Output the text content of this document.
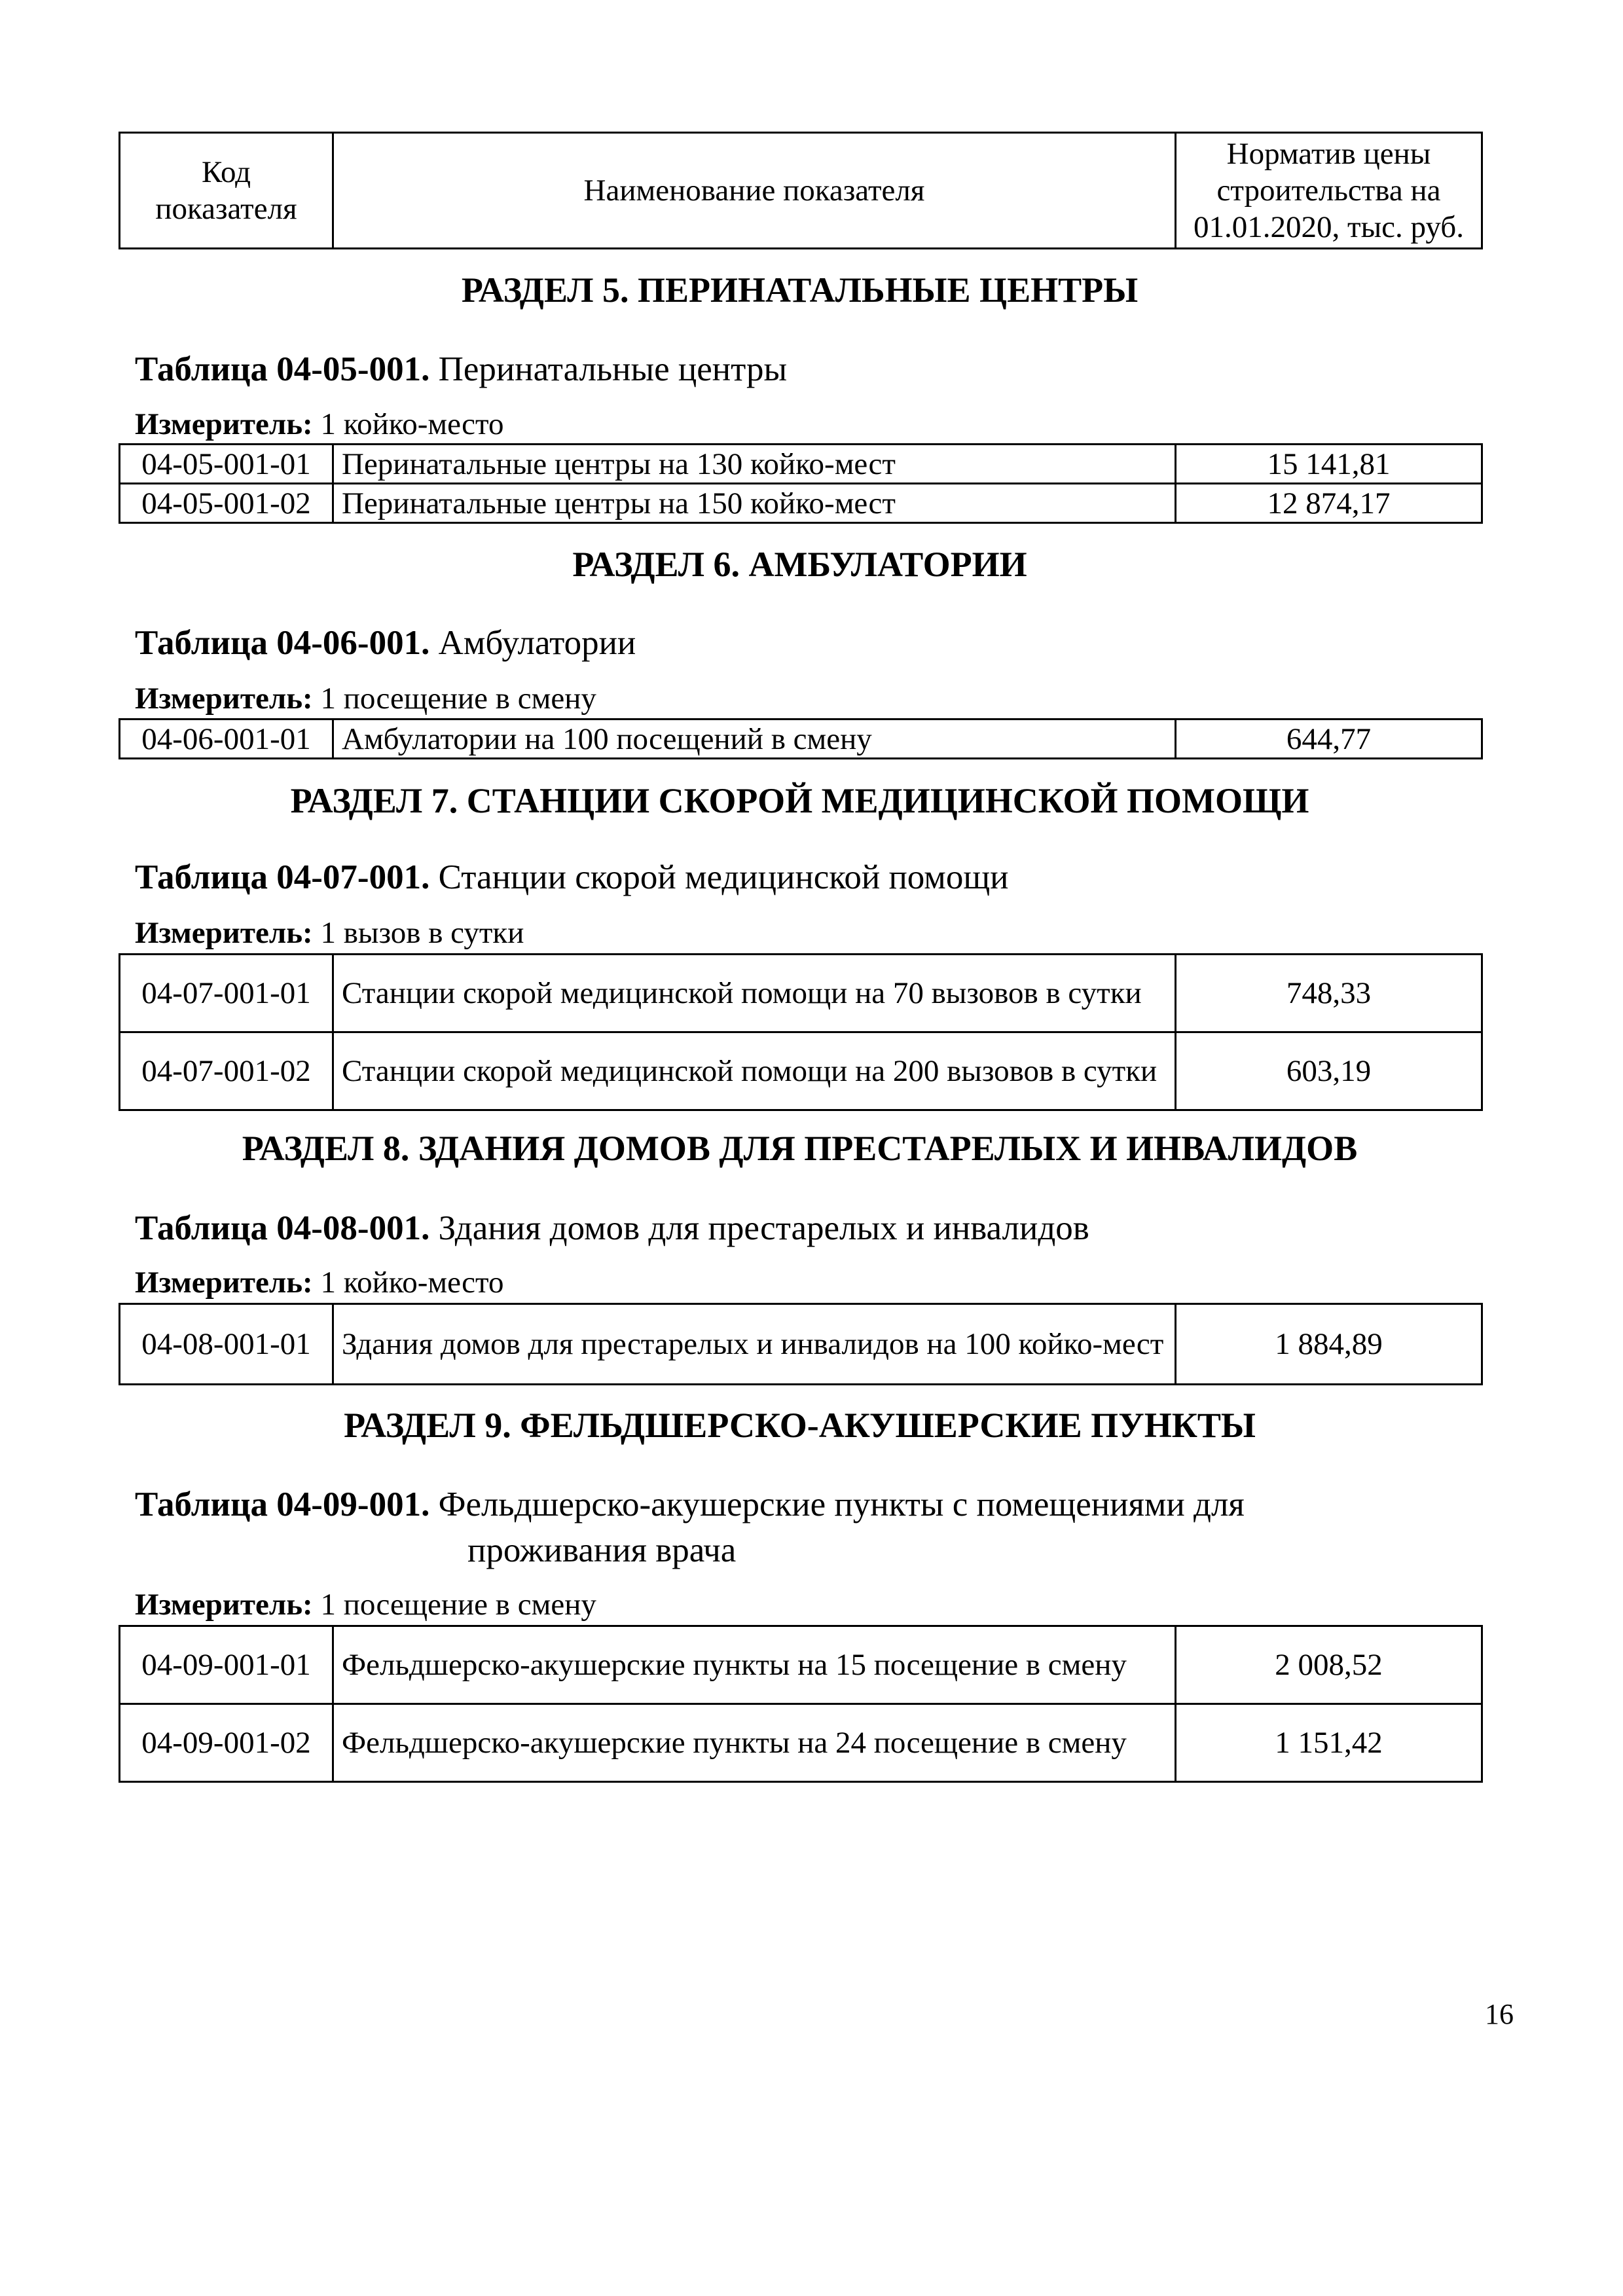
Код показателя	Наименование показателя	Норматив цены строительства на 01.01.2020, тыс. руб.
РАЗДЕЛ 5. ПЕРИНАТАЛЬНЫЕ ЦЕНТРЫ
Таблица 04-05-001. Перинатальные центры
Измеритель: 1 койко-место
04-05-001-01	Перинатальные центры на 130 койко-мест	15 141,81
04-05-001-02	Перинатальные центры на 150 койко-мест	12 874,17
РАЗДЕЛ 6. АМБУЛАТОРИИ
Таблица 04-06-001. Амбулатории
Измеритель: 1 посещение в смену
04-06-001-01	Амбулатории на 100 посещений в смену	644,77
РАЗДЕЛ 7. СТАНЦИИ СКОРОЙ МЕДИЦИНСКОЙ ПОМОЩИ
Таблица 04-07-001. Станции скорой медицинской помощи
Измеритель: 1 вызов в сутки
04-07-001-01	Станции скорой медицинской помощи на 70 вызовов в сутки	748,33
04-07-001-02	Станции скорой медицинской помощи на 200 вызовов в сутки	603,19
РАЗДЕЛ 8. ЗДАНИЯ ДОМОВ ДЛЯ ПРЕСТАРЕЛЫХ И ИНВАЛИДОВ
Таблица 04-08-001. Здания домов для престарелых и инвалидов
Измеритель: 1 койко-место
04-08-001-01	Здания домов для престарелых и инвалидов на 100 койко-мест	1 884,89
РАЗДЕЛ 9. ФЕЛЬДШЕРСКО-АКУШЕРСКИЕ ПУНКТЫ
Таблица 04-09-001. Фельдшерско-акушерские пункты с помещениями для
проживания врача
Измеритель: 1 посещение в смену
04-09-001-01	Фельдшерско-акушерские пункты на 15 посещение в смену	2 008,52
04-09-001-02	Фельдшерско-акушерские пункты на 24 посещение в смену	1 151,42
16
